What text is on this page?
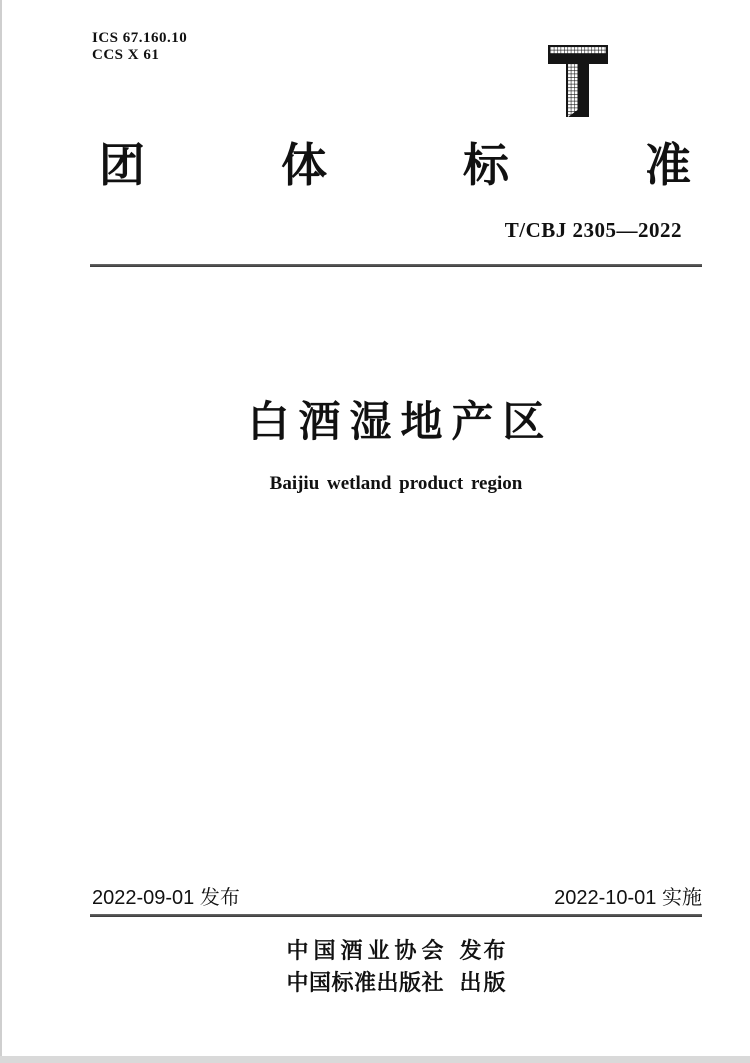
ICS 67.160.10
CCS X 61
团	体	标	准
T/CBJ 2305—2022
白酒湿地产区
Baijiu wetland product region
2022-09-01 发布	2022-10-01 实施
中国酒业协会 发布
中国标准出版社 出版
